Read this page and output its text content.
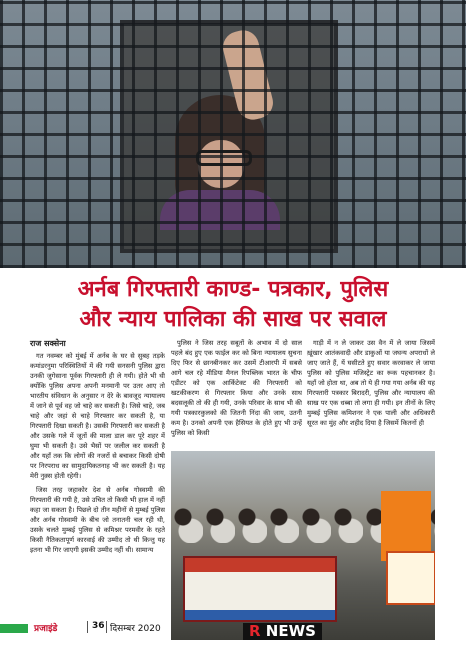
अर्नब गिरफ्तारी काण्ड- पत्रकार, पुलिस
और न्याय पालिका की साख पर सवाल
राज सक्सेना

गत नवम्बर को मुंबई में अर्नब के घर से सुबह तड़के कमांडरनुमा परिस्थितियों में की गयी सनसनी पुलिस द्वारा उनकी जुगेसाना पूर्वक गिरफ्तारी ही ले गयी। होते भी थी क्योंकि पुलिस अपना अपनी मनमानी पर उतर आए तो भारतीय संविधान के अनुसार न देरे के बावजूद न्यायालय में जाने से पूर्व वह जो चाहे कर सकती है। जिसे चाहे, जब चाहे और जहां से चाहे गिरफ्तार कर सकती है, या गिरफ्तारी दिखा सकती है। उसकी गिरफ्तारी कर सकती है और उसके गले में जूतों की माला डाल कर पूरे शहर में घुमा भी सकती है। उसे भैसों पर जलील कर सकती है और यहाँ तक कि लोगों की नजरों से बचाकर किसी दोषी पर निरपराध का सामुदायिकतनाह भी कर सकती है। यह मेरी नुक़्स होती रहेगी।

जिस तरह जहाकोर देश से अर्नब गोस्वामी की गिरफ्तारी की गयी है, उसे उचित तो किसी भी हाल में नहीं कहा जा सकता है। पिछले दो तीन महीनों से मुम्बई पुलिस और अर्नब गोस्वामी के बीच जो तनातनी चल रही थी, उसके चलते मुम्बई पुलिस से कमिश्नर परमवीर के रहते किसी नैतिकतापूर्ण कारवाई की उम्मीद तो थी किन्तु यह इतना भी गिर जाएगी इसकी उम्मीद नहीं थी। सामान्य

पुलिस ने जिस तरह सबूतों के अभाव में दो साल पहले बंद हुए एक फाईल कर को बिना न्यायालय सुचना दिए फिर से छानबीनकर कर उसमें टीआरपी में सबसे आगे चल रहे मीडिया मैनल रिपब्लिक भारत के चीफ एडीटर को एक आर्किटेक्ट की निरफ्तारी को खटकीकरण से गिरफ्तार किया और उनके साथ बदसलूकी तो की ही गयी, उनके परिवार के साथ भी की गयी पत्रकारकुलको की जितनी निंदा की जाय, उतनी कम है। उनको अपनी एक हैसियत के होते हुए भी उन्हें पुलिस को किसी

गाड़ी में न ले जाकर उस वैन में ले जाया जिसमें ख़ूंखार आतंकवादी और डाकुओं या जघन्य अपराधों ले जाए जाते हैं, यें घसीटते हुए सवार करवाकर ले जाया पुलिस को पुलिस मजिस्ट्रेट का रूक पहचानकर है। यहाँ जो होता था, अब तो ये ही गया गया अर्नब की यह गिरफ्तारी पत्रकार बिरादरी, पुलिस और न्यायालय की साख पर एक धब्बा तो लगा ही गयी। इन तीनों के लिए मुम्बई पुलिस कमिशनर ने एक पाली और अधिकारी सूरत का मुंह और शहीद दिया है जिसमें कितनों ही

R NEWS
प्रजाइंडे	36 दिसम्बर 2020
